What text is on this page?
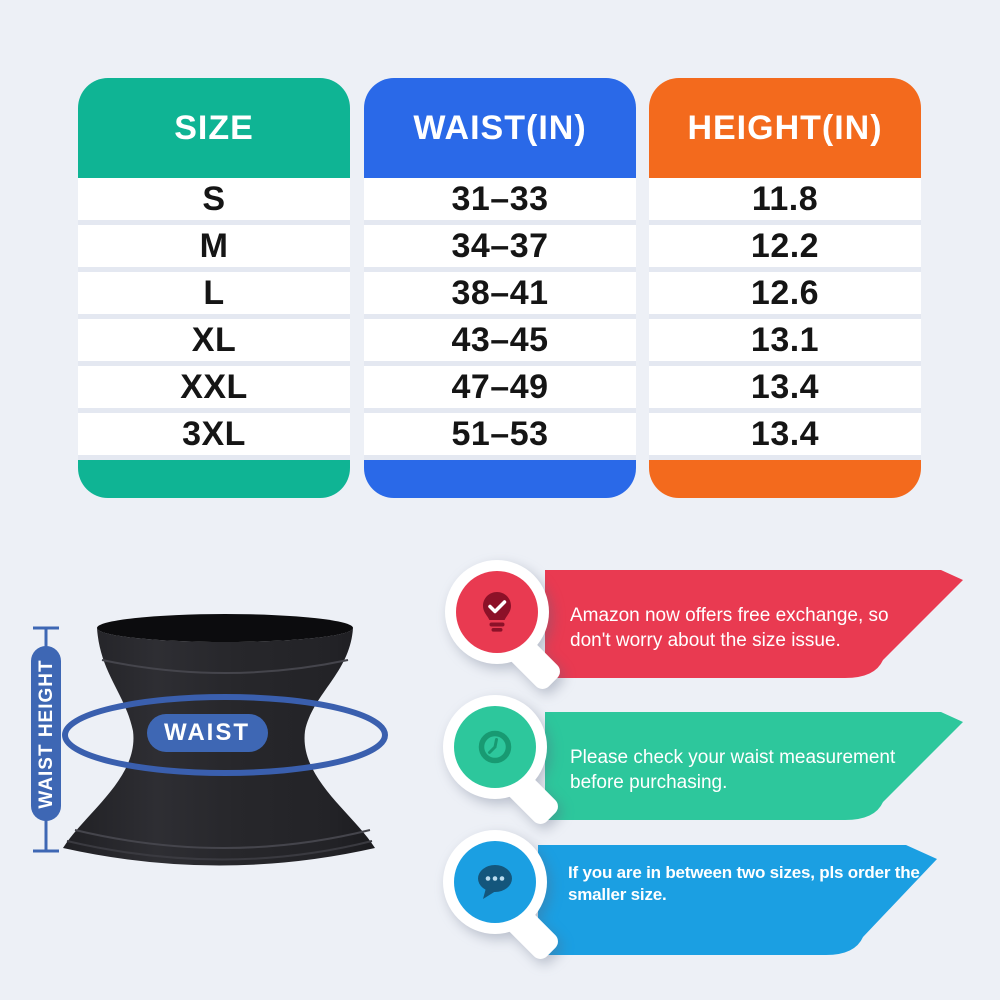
SIZE
S
M
L
XL
XXL
3XL
WAIST(IN)
31–33
34–37
38–41
43–45
47–49
51–53
HEIGHT(IN)
11.8
12.2
12.6
13.1
13.4
13.4
WAIST HEIGHT	WAIST
Amazon now offers free exchange, so don't worry about the size issue.
Please check your waist measurement before purchasing.
If you are in between two sizes, pls order the smaller size.
